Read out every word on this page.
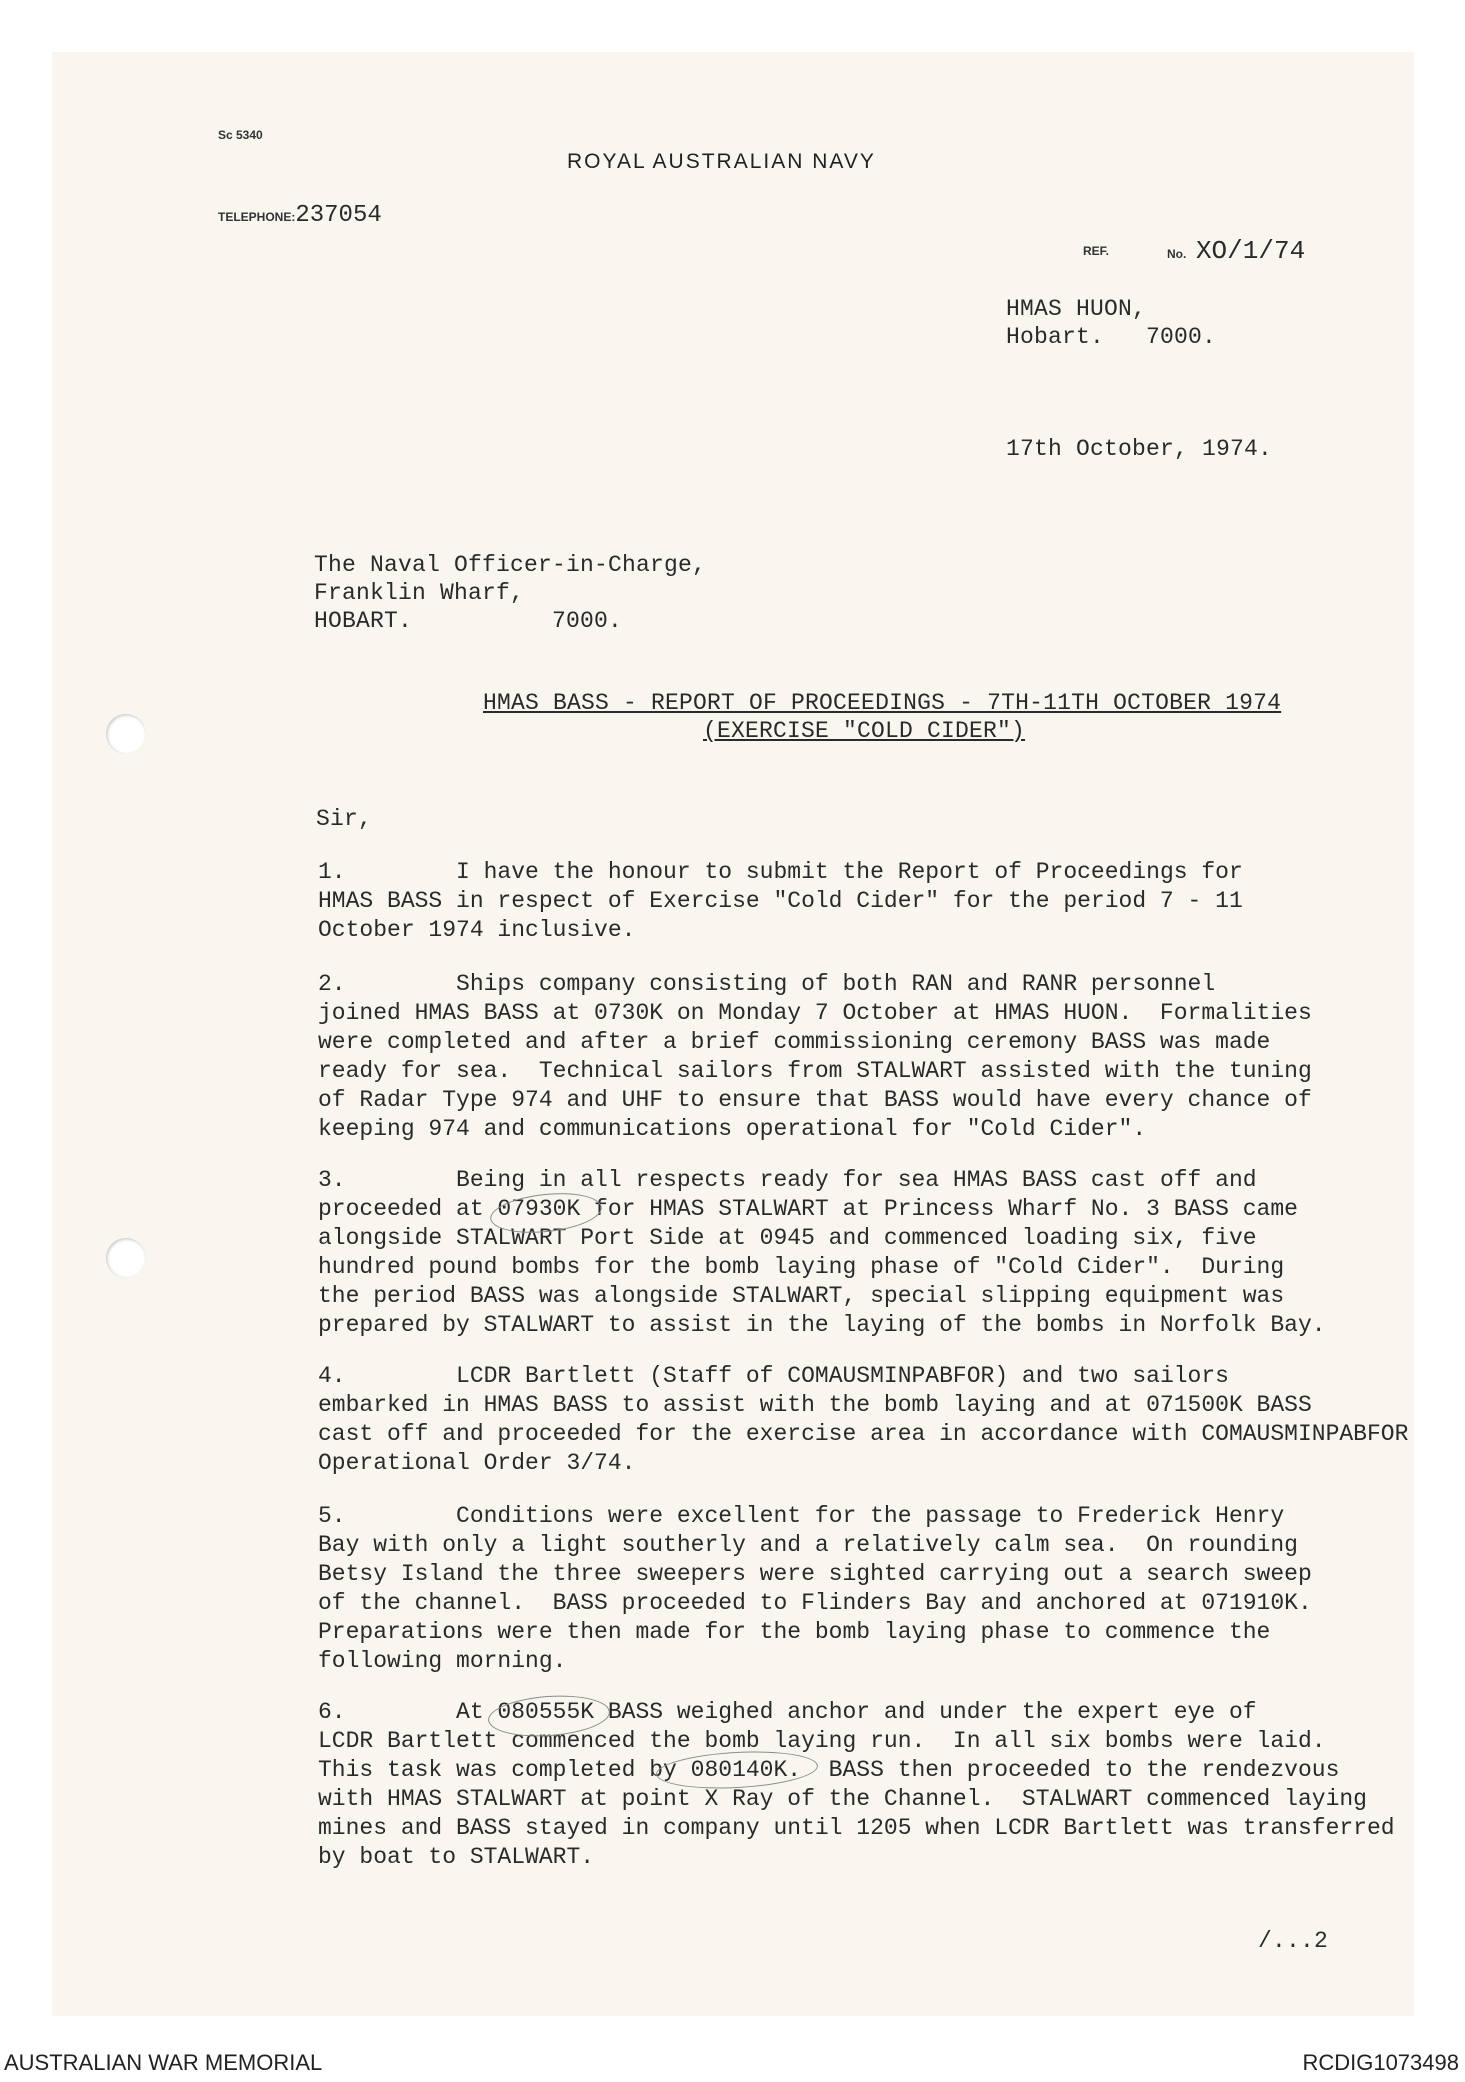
Sc 5340
ROYAL AUSTRALIAN NAVY
TELEPHONE:237054
REF.	No. XO/1/74
HMAS HUON,
Hobart.   7000.
17th October, 1974.
The Naval Officer-in-Charge,
Franklin Wharf,
HOBART.          7000.
HMAS BASS - REPORT OF PROCEEDINGS - 7TH-11TH OCTOBER 1974
(EXERCISE "COLD CIDER")
Sir,
1.        I have the honour to submit the Report of Proceedings for
HMAS BASS in respect of Exercise "Cold Cider" for the period 7 - 11
October 1974 inclusive.
2.        Ships company consisting of both RAN and RANR personnel
joined HMAS BASS at 0730K on Monday 7 October at HMAS HUON.  Formalities
were completed and after a brief commissioning ceremony BASS was made
ready for sea.  Technical sailors from STALWART assisted with the tuning
of Radar Type 974 and UHF to ensure that BASS would have every chance of
keeping 974 and communications operational for "Cold Cider".
3.        Being in all respects ready for sea HMAS BASS cast off and
proceeded at 07930K for HMAS STALWART at Princess Wharf No. 3 BASS came
alongside STALWART Port Side at 0945 and commenced loading six, five
hundred pound bombs for the bomb laying phase of "Cold Cider".  During
the period BASS was alongside STALWART, special slipping equipment was
prepared by STALWART to assist in the laying of the bombs in Norfolk Bay.
4.        LCDR Bartlett (Staff of COMAUSMINPABFOR) and two sailors
embarked in HMAS BASS to assist with the bomb laying and at 071500K BASS
cast off and proceeded for the exercise area in accordance with COMAUSMINPABFOR
Operational Order 3/74.
5.        Conditions were excellent for the passage to Frederick Henry
Bay with only a light southerly and a relatively calm sea.  On rounding
Betsy Island the three sweepers were sighted carrying out a search sweep
of the channel.  BASS proceeded to Flinders Bay and anchored at 071910K.
Preparations were then made for the bomb laying phase to commence the
following morning.
6.        At 080555K BASS weighed anchor and under the expert eye of
LCDR Bartlett commenced the bomb laying run.  In all six bombs were laid.
This task was completed by 080140K.  BASS then proceeded to the rendezvous
with HMAS STALWART at point X Ray of the Channel.  STALWART commenced laying
mines and BASS stayed in company until 1205 when LCDR Bartlett was transferred
by boat to STALWART.
/...2
AUSTRALIAN WAR MEMORIAL	RCDIG1073498
